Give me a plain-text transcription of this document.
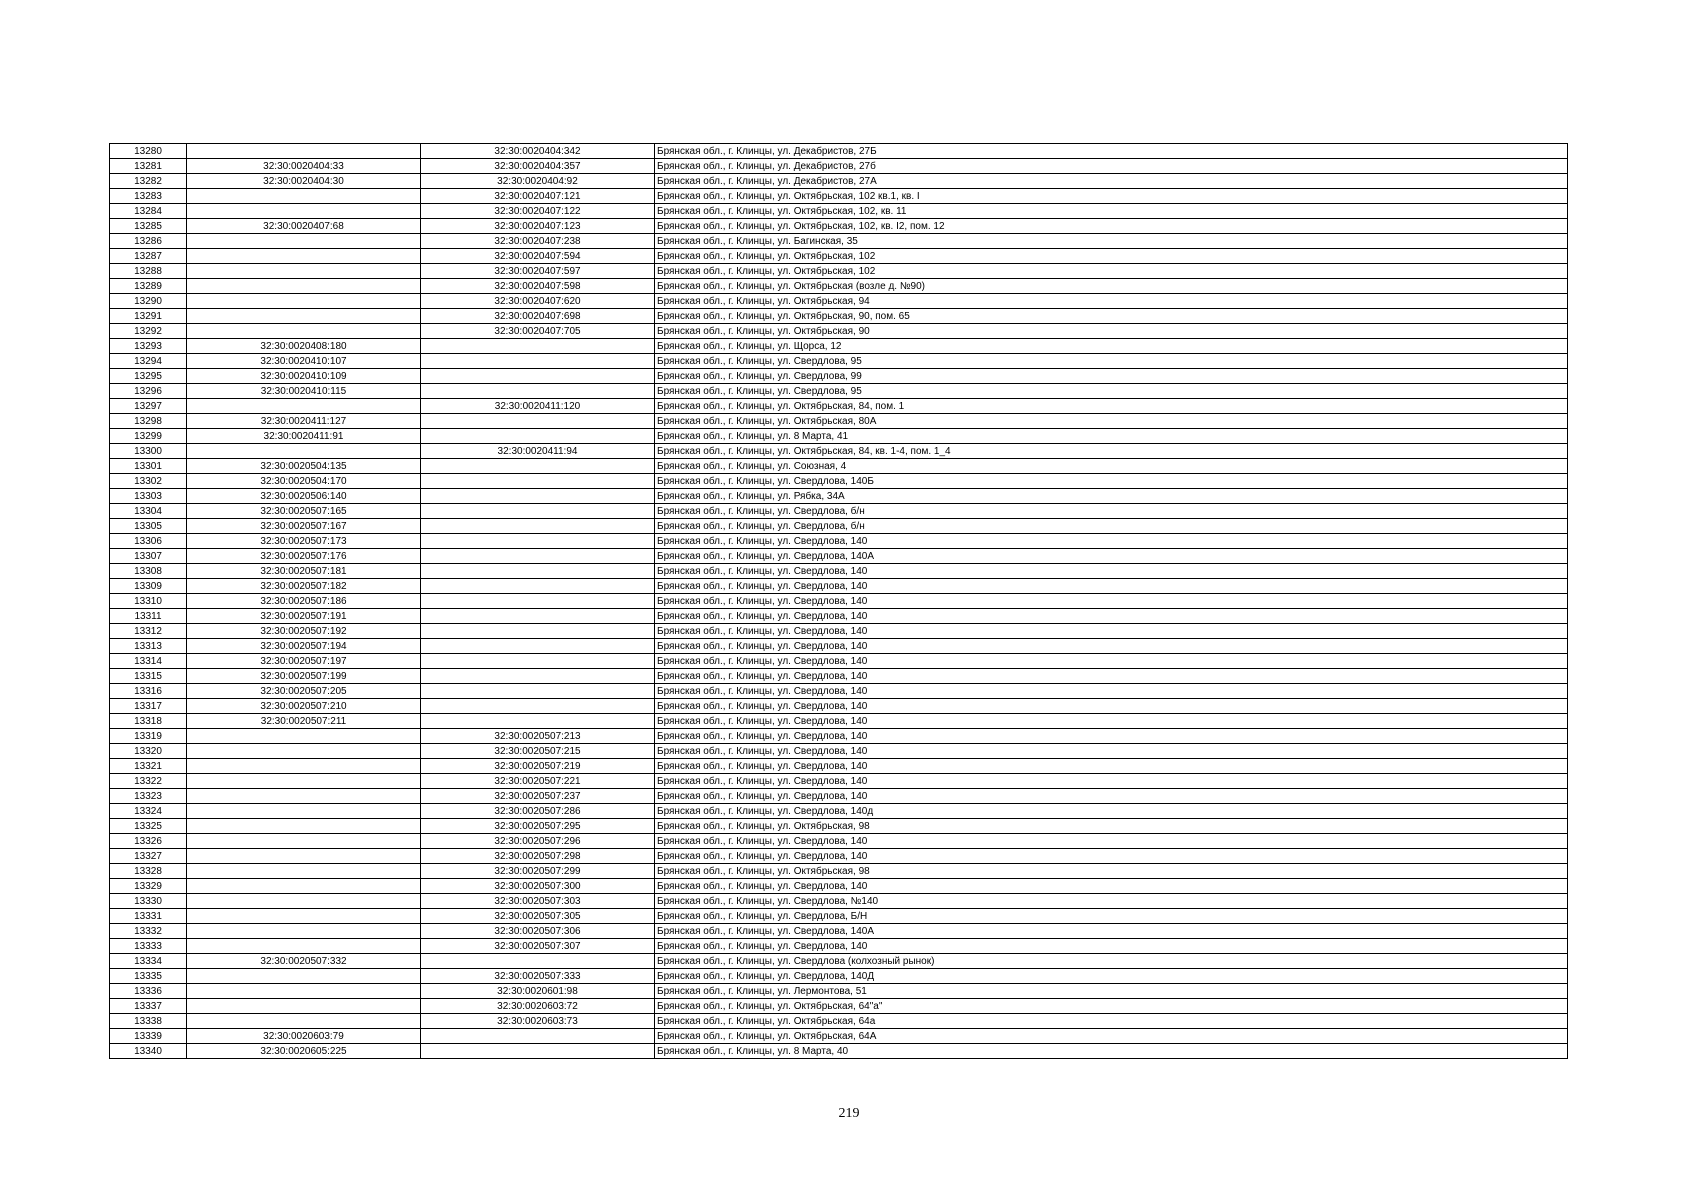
13280		32:30:0020404:342	Брянская обл., г. Клинцы, ул. Декабристов, 27Б
13281	32:30:0020404:33	32:30:0020404:357	Брянская обл., г. Клинцы, ул. Декабристов, 27б
13282	32:30:0020404:30	32:30:0020404:92	Брянская обл., г. Клинцы, ул. Декабристов, 27А
13283		32:30:0020407:121	Брянская обл., г. Клинцы, ул. Октябрьская, 102 кв.1, кв. I
13284		32:30:0020407:122	Брянская обл., г. Клинцы, ул. Октябрьская, 102, кв. 11
13285	32:30:0020407:68	32:30:0020407:123	Брянская обл., г. Клинцы, ул. Октябрьская, 102, кв. I2, пом. 12
13286		32:30:0020407:238	Брянская обл., г. Клинцы, ул. Багинская, 35
13287		32:30:0020407:594	Брянская обл., г. Клинцы, ул. Октябрьская, 102
13288		32:30:0020407:597	Брянская обл., г. Клинцы, ул. Октябрьская, 102
13289		32:30:0020407:598	Брянская обл., г. Клинцы, ул. Октябрьская (возле д. №90)
13290		32:30:0020407:620	Брянская обл., г. Клинцы, ул. Октябрьская, 94
13291		32:30:0020407:698	Брянская обл., г. Клинцы, ул. Октябрьская, 90, пом. 65
13292		32:30:0020407:705	Брянская обл., г. Клинцы, ул. Октябрьская, 90
13293	32:30:0020408:180		Брянская обл., г. Клинцы, ул. Щорса, 12
13294	32:30:0020410:107		Брянская обл., г. Клинцы, ул. Свердлова, 95
13295	32:30:0020410:109		Брянская обл., г. Клинцы, ул. Свердлова, 99
13296	32:30:0020410:115		Брянская обл., г. Клинцы, ул. Свердлова, 95
13297		32:30:0020411:120	Брянская обл., г. Клинцы, ул. Октябрьская, 84, пом. 1
13298	32:30:0020411:127		Брянская обл., г. Клинцы, ул. Октябрьская, 80А
13299	32:30:0020411:91		Брянская обл., г. Клинцы, ул. 8 Марта, 41
13300		32:30:0020411:94	Брянская обл., г. Клинцы, ул. Октябрьская, 84, кв. 1-4, пом. 1_4
13301	32:30:0020504:135		Брянская обл., г. Клинцы, ул. Союзная, 4
13302	32:30:0020504:170		Брянская обл., г. Клинцы, ул. Свердлова, 140Б
13303	32:30:0020506:140		Брянская обл., г. Клинцы, ул. Рябка, 34А
13304	32:30:0020507:165		Брянская обл., г. Клинцы, ул. Свердлова, б/н
13305	32:30:0020507:167		Брянская обл., г. Клинцы, ул. Свердлова, б/н
13306	32:30:0020507:173		Брянская обл., г. Клинцы, ул. Свердлова, 140
13307	32:30:0020507:176		Брянская обл., г. Клинцы, ул. Свердлова, 140А
13308	32:30:0020507:181		Брянская обл., г. Клинцы, ул. Свердлова, 140
13309	32:30:0020507:182		Брянская обл., г. Клинцы, ул. Свердлова, 140
13310	32:30:0020507:186		Брянская обл., г. Клинцы, ул. Свердлова, 140
13311	32:30:0020507:191		Брянская обл., г. Клинцы, ул. Свердлова, 140
13312	32:30:0020507:192		Брянская обл., г. Клинцы, ул. Свердлова, 140
13313	32:30:0020507:194		Брянская обл., г. Клинцы, ул. Свердлова, 140
13314	32:30:0020507:197		Брянская обл., г. Клинцы, ул. Свердлова, 140
13315	32:30:0020507:199		Брянская обл., г. Клинцы, ул. Свердлова, 140
13316	32:30:0020507:205		Брянская обл., г. Клинцы, ул. Свердлова, 140
13317	32:30:0020507:210		Брянская обл., г. Клинцы, ул. Свердлова, 140
13318	32:30:0020507:211		Брянская обл., г. Клинцы, ул. Свердлова, 140
13319		32:30:0020507:213	Брянская обл., г. Клинцы, ул. Свердлова, 140
13320		32:30:0020507:215	Брянская обл., г. Клинцы, ул. Свердлова, 140
13321		32:30:0020507:219	Брянская обл., г. Клинцы, ул. Свердлова, 140
13322		32:30:0020507:221	Брянская обл., г. Клинцы, ул. Свердлова, 140
13323		32:30:0020507:237	Брянская обл., г. Клинцы, ул. Свердлова, 140
13324		32:30:0020507:286	Брянская обл., г. Клинцы, ул. Свердлова, 140д
13325		32:30:0020507:295	Брянская обл., г. Клинцы, ул. Октябрьская, 98
13326		32:30:0020507:296	Брянская обл., г. Клинцы, ул. Свердлова, 140
13327		32:30:0020507:298	Брянская обл., г. Клинцы, ул. Свердлова, 140
13328		32:30:0020507:299	Брянская обл., г. Клинцы, ул. Октябрьская, 98
13329		32:30:0020507:300	Брянская обл., г. Клинцы, ул. Свердлова, 140
13330		32:30:0020507:303	Брянская обл., г. Клинцы, ул. Свердлова, №140
13331		32:30:0020507:305	Брянская обл., г. Клинцы, ул. Свердлова, Б/Н
13332		32:30:0020507:306	Брянская обл., г. Клинцы, ул. Свердлова, 140А
13333		32:30:0020507:307	Брянская обл., г. Клинцы, ул. Свердлова, 140
13334	32:30:0020507:332		Брянская обл., г. Клинцы, ул. Свердлова (колхозный рынок)
13335		32:30:0020507:333	Брянская обл., г. Клинцы, ул. Свердлова, 140Д
13336		32:30:0020601:98	Брянская обл., г. Клинцы, ул. Лермонтова, 51
13337		32:30:0020603:72	Брянская обл., г. Клинцы, ул. Октябрьская, 64"а"
13338		32:30:0020603:73	Брянская обл., г. Клинцы, ул. Октябрьская, 64а
13339	32:30:0020603:79		Брянская обл., г. Клинцы, ул. Октябрьская, 64А
13340	32:30:0020605:225		Брянская обл., г. Клинцы, ул. 8 Марта, 40
219
